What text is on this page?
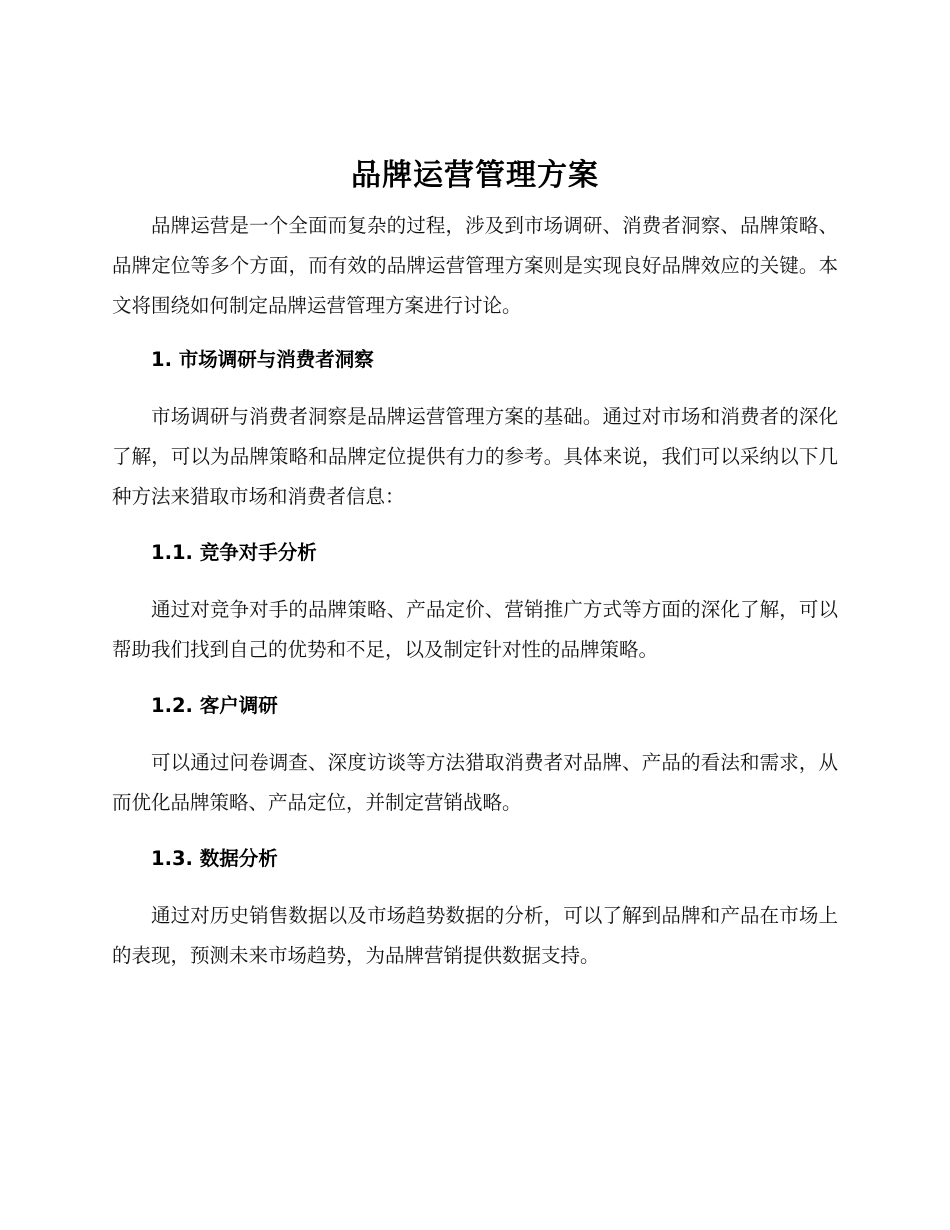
品牌运营管理方案

品牌运营是一个全面而复杂的过程，涉及到市场调研、消费者洞察、品牌策略、品牌定位等多个方面，而有效的品牌运营管理方案则是实现良好品牌效应的关键。本文将围绕如何制定品牌运营管理方案进行讨论。

1. 市场调研与消费者洞察

市场调研与消费者洞察是品牌运营管理方案的基础。通过对市场和消费者的深化了解，可以为品牌策略和品牌定位提供有力的参考。具体来说，我们可以采纳以下几种方法来猎取市场和消费者信息：

1.1. 竞争对手分析

通过对竞争对手的品牌策略、产品定价、营销推广方式等方面的深化了解，可以帮助我们找到自己的优势和不足，以及制定针对性的品牌策略。

1.2. 客户调研

可以通过问卷调查、深度访谈等方法猎取消费者对品牌、产品的看法和需求，从而优化品牌策略、产品定位，并制定营销战略。

1.3. 数据分析

通过对历史销售数据以及市场趋势数据的分析，可以了解到品牌和产品在市场上的表现，预测未来市场趋势，为品牌营销提供数据支持。
